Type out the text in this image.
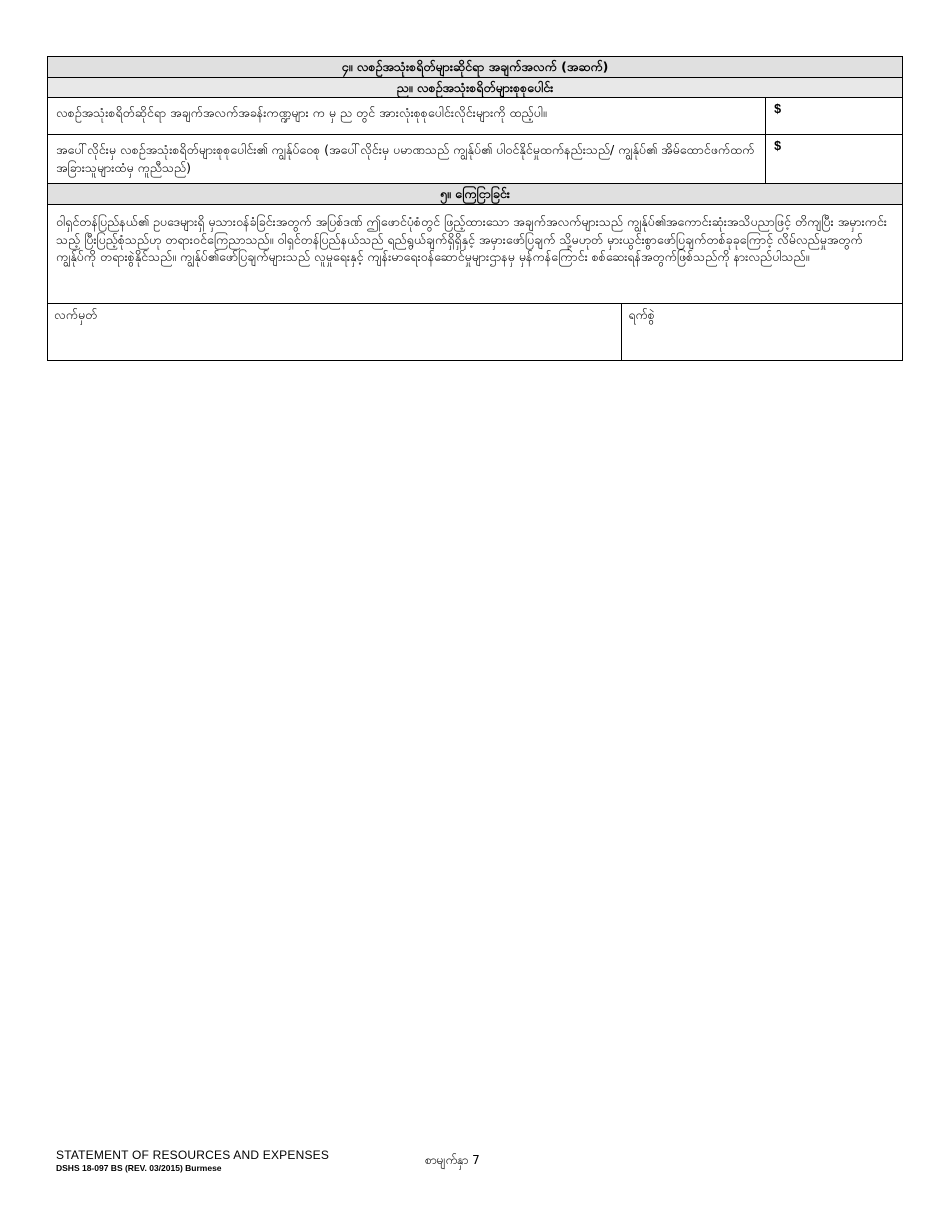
၄။ လစဉ်အသုံးစရိတ်များဆိုင်ရာ အချက်အလက် (အဆက်)		
ည။ လစဉ်အသုံးစရိတ်များစုစုပေါင်း		
လစဉ်အသုံးစရိတ်ဆိုင်ရာ အချက်အလက်အခန်းကဏ္ဍများ က မှ ည တွင် အားလုံးစုစုပေါင်းလိုင်းများကို ထည့်ပါ။		$
အပေါ်လိုင်းမှ လစဉ်အသုံးစရိတ်များစုစုပေါင်း၏ ကျွန်ုပ်ဝေစု (အပေါ်လိုင်းမှ ပမာဏသည် ကျွန်ုပ်၏ ပါဝင်နိုင်မှုထက်နည်းသည်/ ကျွန်ုပ်၏ အိမ်ထောင်ဖက်ထက် အခြားသူများထံမှ ကူညီသည်)		$
၅။ ကြေငြာခြင်း		
ဝါရှင်တန်ပြည်နယ်၏ ဥပဒေများရှိ မှသားဝန်ခံခြင်းအတွက် အပြစ်ဒဏ် ဤဖောင်ပုံစံတွင် ဖြည့်ထားသော အချက်အလက်များသည် ကျွန်ုပ်၏အကောင်းဆုံးအသိပညာဖြင့် တိကျပြီး အမှားကင်းသည့် ပြီးပြည့်စုံသည်ဟု တရားဝင်ကြေညာသည်။ ဝါရှင်တန်ပြည်နယ်သည် ရည်ရွယ်ချက်ရှိရှိနှင့် အမှားဖော်ပြချက် သို့မဟုတ် မှားယွင်းစွာဖော်ပြချက်တစ်ခုခုကြောင့် လိမ်လည်မှုအတွက် ကျွန်ုပ်ကို တရားစွဲနိုင်သည်။ ကျွန်ုပ်၏ဖော်ပြချက်များသည် လူမှုရေးနှင့် ကျန်းမာရေးဝန်ဆောင်မှုများဌာနမှ မှန်ကန်ကြောင်း စစ်ဆေးရန်အတွက်ဖြစ်သည်ကို နားလည်ပါသည်။		
လက်မှတ်	ရက်စွဲ	
STATEMENT OF RESOURCES AND EXPENSES
DSHS 18-097 BS (REV. 03/2015) Burmese
စာမျက်နှာ 7
